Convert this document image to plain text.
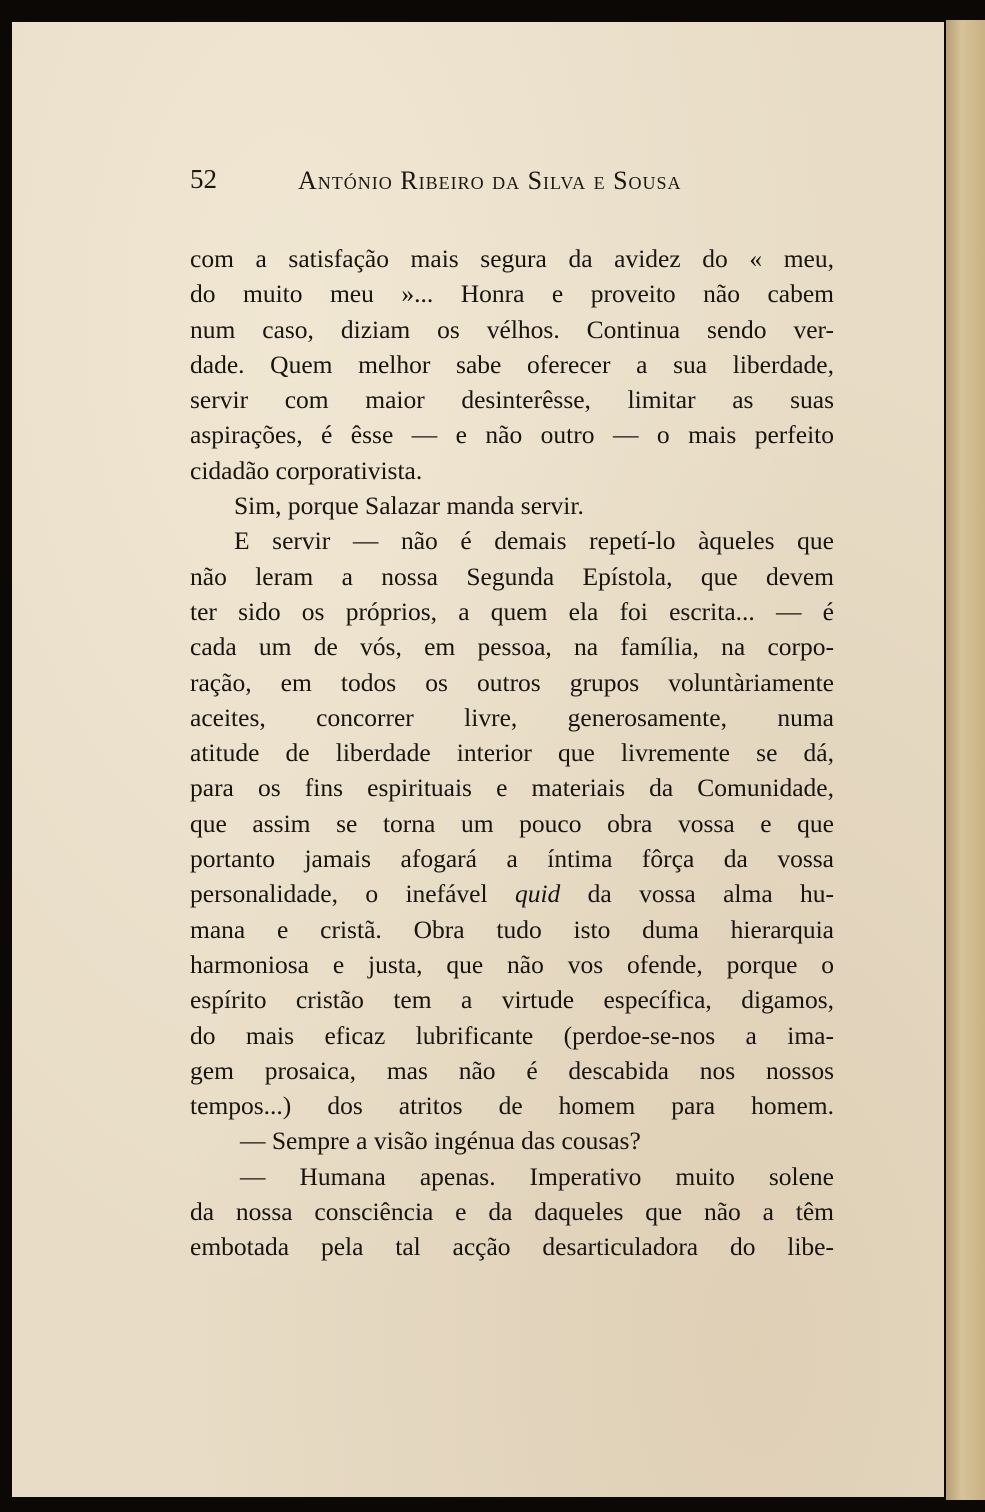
52	António Ribeiro da Silva e Sousa
com a satisfação mais segura da avidez do « meu,
do muito meu »... Honra e proveito não cabem
num caso, diziam os vélhos. Continua sendo ver-
dade. Quem melhor sabe oferecer a sua liberdade,
servir com maior desinterêsse, limitar as suas
aspirações, é êsse — e não outro — o mais perfeito
cidadão corporativista.
Sim, porque Salazar manda servir.
E servir — não é demais repetí-lo àqueles que
não leram a nossa Segunda Epístola, que devem
ter sido os próprios, a quem ela foi escrita... — é
cada um de vós, em pessoa, na família, na corpo-
ração, em todos os outros grupos voluntàriamente
aceites, concorrer livre, generosamente, numa
atitude de liberdade interior que livremente se dá,
para os fins espirituais e materiais da Comunidade,
que assim se torna um pouco obra vossa e que
portanto jamais afogará a íntima fôrça da vossa
personalidade, o inefável quid da vossa alma hu-
mana e cristã. Obra tudo isto duma hierarquia
harmoniosa e justa, que não vos ofende, porque o
espírito cristão tem a virtude específica, digamos,
do mais eficaz lubrificante (perdoe-se-nos a ima-
gem prosaica, mas não é descabida nos nossos
tempos...) dos atritos de homem para homem.
— Sempre a visão ingénua das cousas?
— Humana apenas. Imperativo muito solene
da nossa consciência e da daqueles que não a têm
embotada pela tal acção desarticuladora do libe-
